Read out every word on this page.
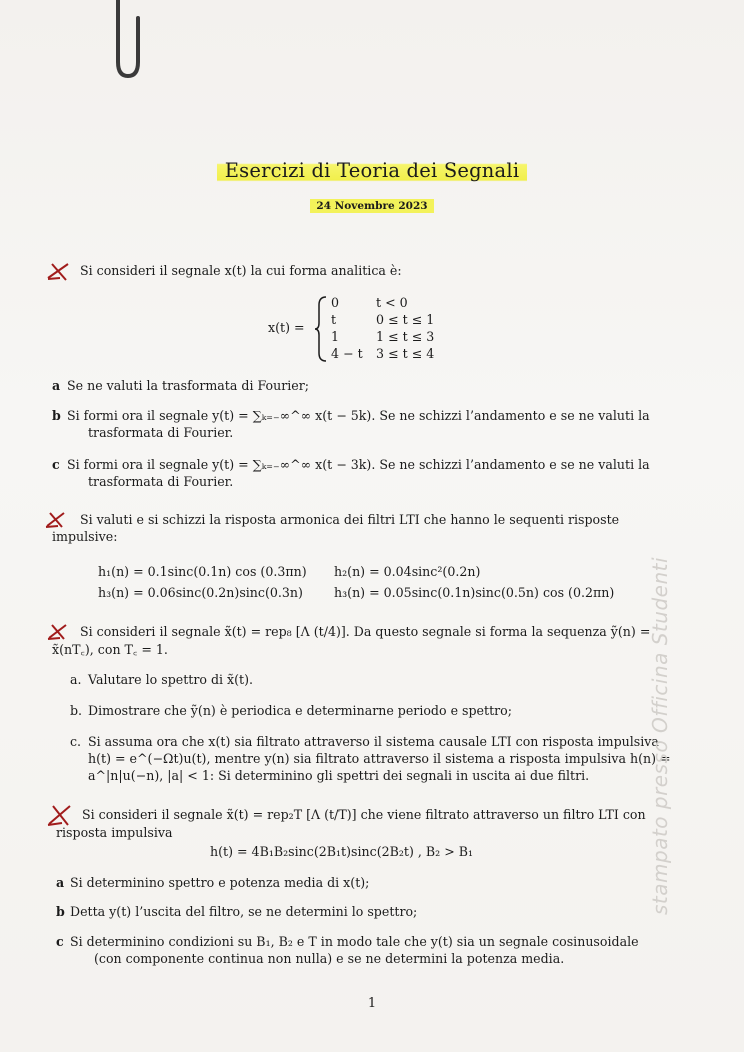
Esercizi di Teoria dei Segnali
24 Novembre 2023
Si consideri il segnale x(t) la cui forma analitica è:
x(t) =
0	t < 0
t	0 ≤ t ≤ 1
1	1 ≤ t ≤ 3
4 − t 3 ≤ t ≤ 4
a Se ne valuti la trasformata di Fourier;
b Si formi ora il segnale y(t) = ∑ₖ₌₋∞^∞ x(t − 5k). Se ne schizzi l’andamento e se ne valuti la
trasformata di Fourier.
c Si formi ora il segnale y(t) = ∑ₖ₌₋∞^∞ x(t − 3k). Se ne schizzi l’andamento e se ne valuti la
trasformata di Fourier.
Si valuti e si schizzi la risposta armonica dei filtri LTI che hanno le sequenti risposte
impulsive:
h₁(n) = 0.1sinc(0.1n) cos (0.3πn) h₂(n) = 0.04sinc²(0.2n)
h₃(n) = 0.06sinc(0.2n)sinc(0.3n) h₃(n) = 0.05sinc(0.1n)sinc(0.5n) cos (0.2πn)
Si consideri il segnale x̃(t) = rep₈ [Λ (t/4)]. Da questo segnale si forma la sequenza ỹ(n) =
x̃(nT꜀), con T꜀ = 1.
a. Valutare lo spettro di x̃(t).
b. Dimostrare che ỹ(n) è periodica e determinarne periodo e spettro;
c. Si assuma ora che x(t) sia filtrato attraverso il sistema causale LTI con risposta impulsiva
h(t) = e^(−Ωt)u(t), mentre y(n) sia filtrato attraverso il sistema a risposta impulsiva h(n) =
a^|n|u(−n), |a| < 1: Si determinino gli spettri dei segnali in uscita ai due filtri.
Si consideri il segnale x̃(t) = rep₂T [Λ (t/T)] che viene filtrato attraverso un filtro LTI con
risposta impulsiva
h(t) = 4B₁B₂sinc(2B₁t)sinc(2B₂t) , B₂ > B₁
a Si determinino spettro e potenza media di x(t);
b Detta y(t) l’uscita del filtro, se ne determini lo spettro;
c Si determinino condizioni su B₁, B₂ e T in modo tale che y(t) sia un segnale cosinusoidale
(con componente continua non nulla) e se ne determini la potenza media.
1
stampato presso Officina Studenti
